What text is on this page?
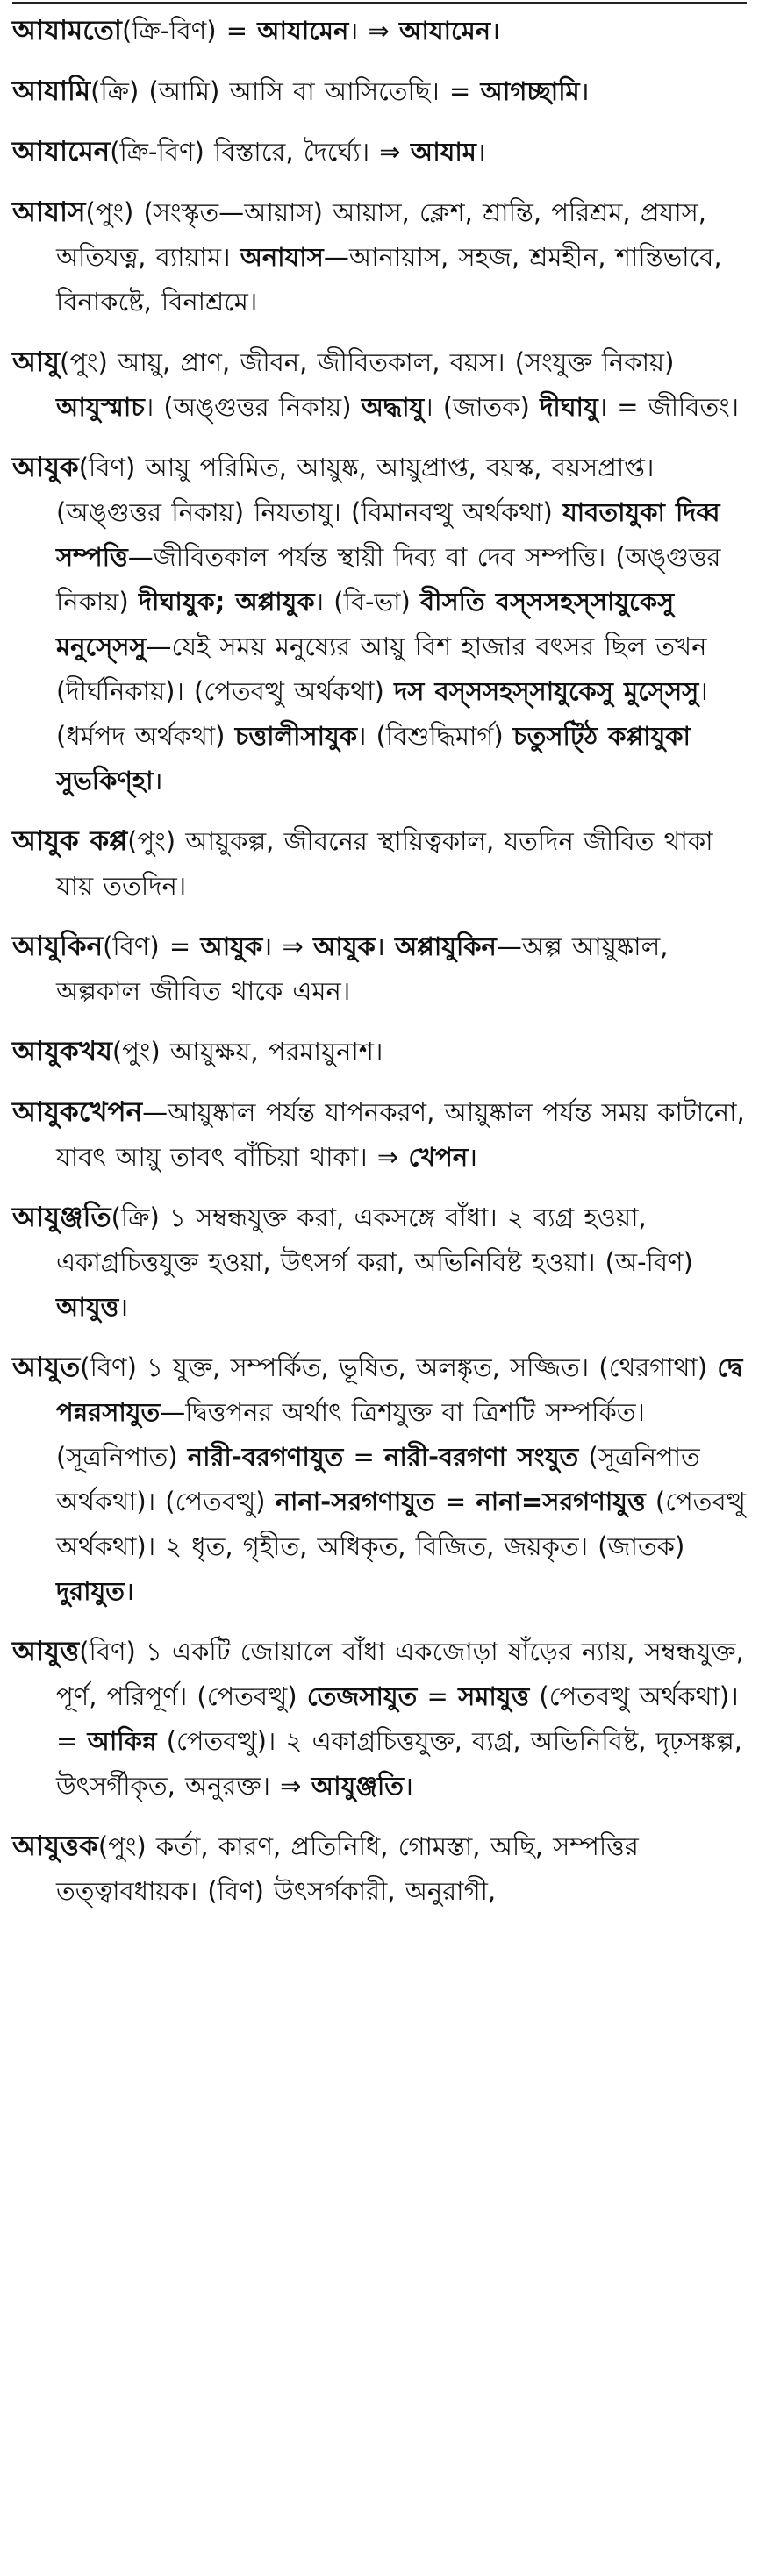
আযামতো(ক্রি-বিণ) = আযামেন। ⇒ আযামেন।

আযামি(ক্রি) (আমি) আসি বা আসিতেছি। = আগচ্ছামি।

আযামেন(ক্রি-বিণ) বিস্তারে, দৈর্ঘ্যে। ⇒ আযাম।

আযাস(পুং) (সংস্কৃত—আয়াস) আয়াস, ক্লেশ, শ্রান্তি, পরিশ্রম, প্রযাস, অতিযত্ন, ব্যায়াম। অনাযাস—আনায়াস, সহজ, শ্রমহীন, শান্তিভাবে, বিনাকষ্টে, বিনাশ্রমে।

আযু(পুং) আয়ু, প্রাণ, জীবন, জীবিতকাল, বয়স। (সংযুক্ত নিকায়) আযুস্মাচ। (অঙ্গুত্তর নিকায়) অদ্ধাযু। (জাতক) দীঘাযু। = জীবিতং।

আযুক(বিণ) আয়ু পরিমিত, আয়ুষ্ক, আয়ুপ্রাপ্ত, বয়স্ক, বয়সপ্রাপ্ত। (অঙ্গুত্তর নিকায়) নিযতাযু। (বিমানবত্থু অর্থকথা) যাবতাযুকা দিব্ব সম্পত্তি—জীবিতকাল পর্যন্ত স্থায়ী দিব্য বা দেব সম্পত্তি। (অঙ্গুত্তর নিকায়) দীঘাযুক; অপ্পাযুক। (বি-ভা) বীসতি বস্সসহস্সাযুকেসু মনুস্সেসু—যেই সময় মনুষ্যের আয়ু বিশ হাজার বৎসর ছিল তখন (দীর্ঘনিকায়)। (পেতবত্থু অর্থকথা) দস বস্সসহস্সাযুকেসু মুস্সেসু। (ধর্মপদ অর্থকথা) চত্তালীসাযুক। (বিশুদ্ধিমার্গ) চতুসট্ঠি কপ্পাযুকা সুভকিণ্হা।

আযুক কপ্প(পুং) আয়ুকল্প, জীবনের স্থায়িত্বকাল, যতদিন জীবিত থাকা যায় ততদিন।

আযুকিন(বিণ) = আযুক। ⇒ আযুক। অপ্পাযুকিন—অল্প আয়ুষ্কাল, অল্পকাল জীবিত থাকে এমন।

আযুকখয(পুং) আয়ুক্ষয়, পরমায়ুনাশ।

আযুকখেপন—আয়ুষ্কাল পর্যন্ত যাপনকরণ, আয়ুষ্কাল পর্যন্ত সময় কাটানো, যাবৎ আয়ু তাবৎ বাঁচিয়া থাকা। ⇒ খেপন।

আযুঞ্জতি(ক্রি) ১ সম্বন্ধযুক্ত করা, একসঙ্গে বাঁধা। ২ ব্যগ্র হওয়া, একাগ্রচিত্তযুক্ত হওয়া, উৎসর্গ করা, অভিনিবিষ্ট হওয়া। (অ-বিণ) আযুত্ত।

আযুত(বিণ) ১ যুক্ত, সম্পর্কিত, ভূষিত, অলঙ্কৃত, সজ্জিত। (থেরগাথা) দ্বে পন্নরসাযুত—দ্বিত্তপনর অর্থাৎ ত্রিশযুক্ত বা ত্রিশটি সম্পর্কিত। (সূত্রনিপাত) নারী-বরগণাযুত = নারী-বরগণা সংযুত (সূত্রনিপাত অর্থকথা)। (পেতবত্থু) নানা-সরগণাযুত = নানা=সরগণাযুত্ত (পেতবত্থু অর্থকথা)। ২ ধৃত, গৃহীত, অধিকৃত, বিজিত, জয়কৃত। (জাতক) দুরাযুত।

আযুত্ত(বিণ) ১ একটি জোয়ালে বাঁধা একজোড়া ষাঁড়ের ন্যায়, সম্বন্ধযুক্ত, পূর্ণ, পরিপূর্ণ। (পেতবত্থু) তেজসাযুত = সমাযুত্ত (পেতবত্থু অর্থকথা)। = আকিন্ন (পেতবত্থু)। ২ একাগ্রচিত্তযুক্ত, ব্যগ্র, অভিনিবিষ্ট, দৃঢ়সঙ্কল্প, উৎসর্গীকৃত, অনুরক্ত। ⇒ আযুঞ্জতি।

আযুত্তক(পুং) কর্তা, কারণ, প্রতিনিধি, গোমস্তা, অছি, সম্পত্তির তত্ত্বাবধায়ক। (বিণ) উৎসর্গকারী, অনুরাগী,
